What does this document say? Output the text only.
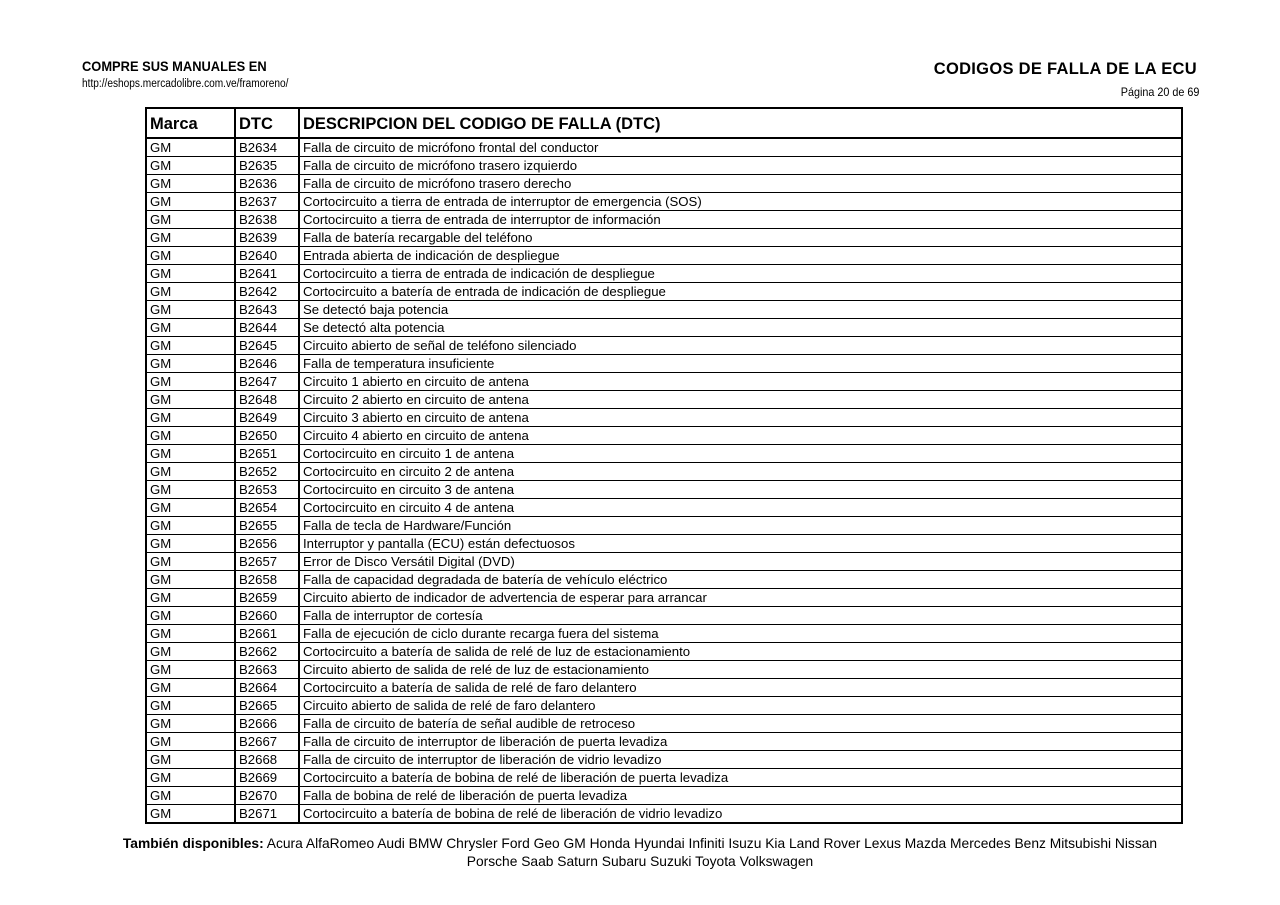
COMPRE SUS MANUALES EN
http://eshops.mercadolibre.com.ve/framoreno/
CODIGOS DE FALLA DE LA ECU
Página 20 de 69
Marca	DTC	DESCRIPCION DEL CODIGO DE FALLA (DTC)
GM	B2634	Falla de circuito de micrófono frontal del conductor
GM	B2635	Falla de circuito de micrófono trasero izquierdo
GM	B2636	Falla de circuito de micrófono trasero derecho
GM	B2637	Cortocircuito a tierra de entrada de interruptor de emergencia (SOS)
GM	B2638	Cortocircuito a tierra de entrada de interruptor de información
GM	B2639	Falla de batería recargable del teléfono
GM	B2640	Entrada abierta de indicación de despliegue
GM	B2641	Cortocircuito a tierra de entrada de indicación de despliegue
GM	B2642	Cortocircuito a batería de entrada de indicación de despliegue
GM	B2643	Se detectó baja potencia
GM	B2644	Se detectó alta potencia
GM	B2645	Circuito abierto de señal de teléfono silenciado
GM	B2646	Falla de temperatura insuficiente
GM	B2647	Circuito 1 abierto en circuito de antena
GM	B2648	Circuito 2 abierto en circuito de antena
GM	B2649	Circuito 3 abierto en circuito de antena
GM	B2650	Circuito 4 abierto en circuito de antena
GM	B2651	Cortocircuito en circuito 1 de antena
GM	B2652	Cortocircuito en circuito 2 de antena
GM	B2653	Cortocircuito en circuito 3 de antena
GM	B2654	Cortocircuito en circuito 4 de antena
GM	B2655	Falla de tecla de Hardware/Función
GM	B2656	Interruptor y pantalla (ECU) están defectuosos
GM	B2657	Error de Disco Versátil Digital (DVD)
GM	B2658	Falla de capacidad degradada de batería de vehículo eléctrico
GM	B2659	Circuito abierto de indicador de advertencia de esperar para arrancar
GM	B2660	Falla de interruptor de cortesía
GM	B2661	Falla de ejecución de ciclo durante recarga fuera del sistema
GM	B2662	Cortocircuito a batería de salida de relé de luz de estacionamiento
GM	B2663	Circuito abierto de salida de relé de luz de estacionamiento
GM	B2664	Cortocircuito a batería de salida de relé de faro delantero
GM	B2665	Circuito abierto de salida de relé de faro delantero
GM	B2666	Falla de circuito de batería de señal audible de retroceso
GM	B2667	Falla de circuito de interruptor de liberación de puerta levadiza
GM	B2668	Falla de circuito de interruptor de liberación de vidrio levadizo
GM	B2669	Cortocircuito a batería de bobina de relé de liberación de puerta levadiza
GM	B2670	Falla de bobina de relé de liberación de puerta levadiza
GM	B2671	Cortocircuito a batería de bobina de relé de liberación de vidrio levadizo
También disponibles: Acura AlfaRomeo Audi BMW Chrysler Ford Geo GM Honda Hyundai Infiniti Isuzu Kia Land Rover Lexus Mazda Mercedes Benz Mitsubishi Nissan
Porsche Saab Saturn Subaru Suzuki Toyota Volkswagen
